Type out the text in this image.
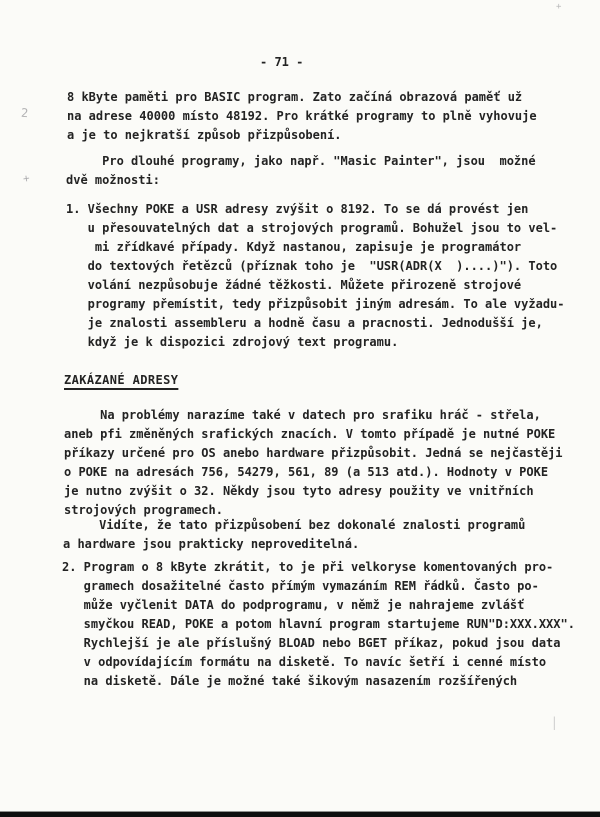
- 71 -
8 kByte paměti pro BASIC program. Zato začíná obrazová paměť už
na adrese 40000 místo 48192. Pro krátké programy to plně vyhovuje
a je to nejkratší způsob přizpůsobení.
Pro dlouhé programy, jako např. "Masic Painter", jsou  možné
dvě možnosti:
1. Všechny POKE a USR adresy zvýšit o 8192. To se dá provést jen
u přesouvatelných dat a strojových programů. Bohužel jsou to vel-
mi zřídkavé případy. Když nastanou, zapisuje je programátor
do textových řetězců (příznak toho je  "USR(ADR(X  )....)"). Toto
volání nezpůsobuje žádné těžkosti. Můžete přirozeně strojové
programy přemístit, tedy přizpůsobit jiným adresám. To ale vyžadu-
je znalosti assembleru a hodně času a pracnosti. Jednodušší je,
když je k dispozici zdrojový text programu.
ZAKÁZANÉ ADRESY
Na problémy narazíme také v datech pro srafiku hráč - střela,
aneb pfi změněných srafických znacích. V tomto případě je nutné POKE
příkazy určené pro OS anebo hardware přizpůsobit. Jedná se nejčastěji
o POKE na adresách 756, 54279, 561, 89 (a 513 atd.). Hodnoty v POKE
je nutno zvýšit o 32. Někdy jsou tyto adresy použity ve vnitřních
strojových programech.
Vidíte, že tato přizpůsobení bez dokonalé znalosti programů
a hardware jsou prakticky neproveditelná.
2. Program o 8 kByte zkrátit, to je při velkoryse komentovaných pro-
gramech dosažitelné často přímým vymazáním REM řádků. Často po-
může vyčlenit DATA do podprogramu, v němž je nahrajeme zvlášť
smyčkou READ, POKE a potom hlavní program startujeme RUN"D:XXX.XXX".
Rychlejší je ale příslušný BLOAD nebo BGET příkaz, pokud jsou data
v odpovídajícím formátu na disketě. To navíc šetří i cenné místo
na disketě. Dále je možné také šikovým nasazením rozšířených
2
+
+
|
